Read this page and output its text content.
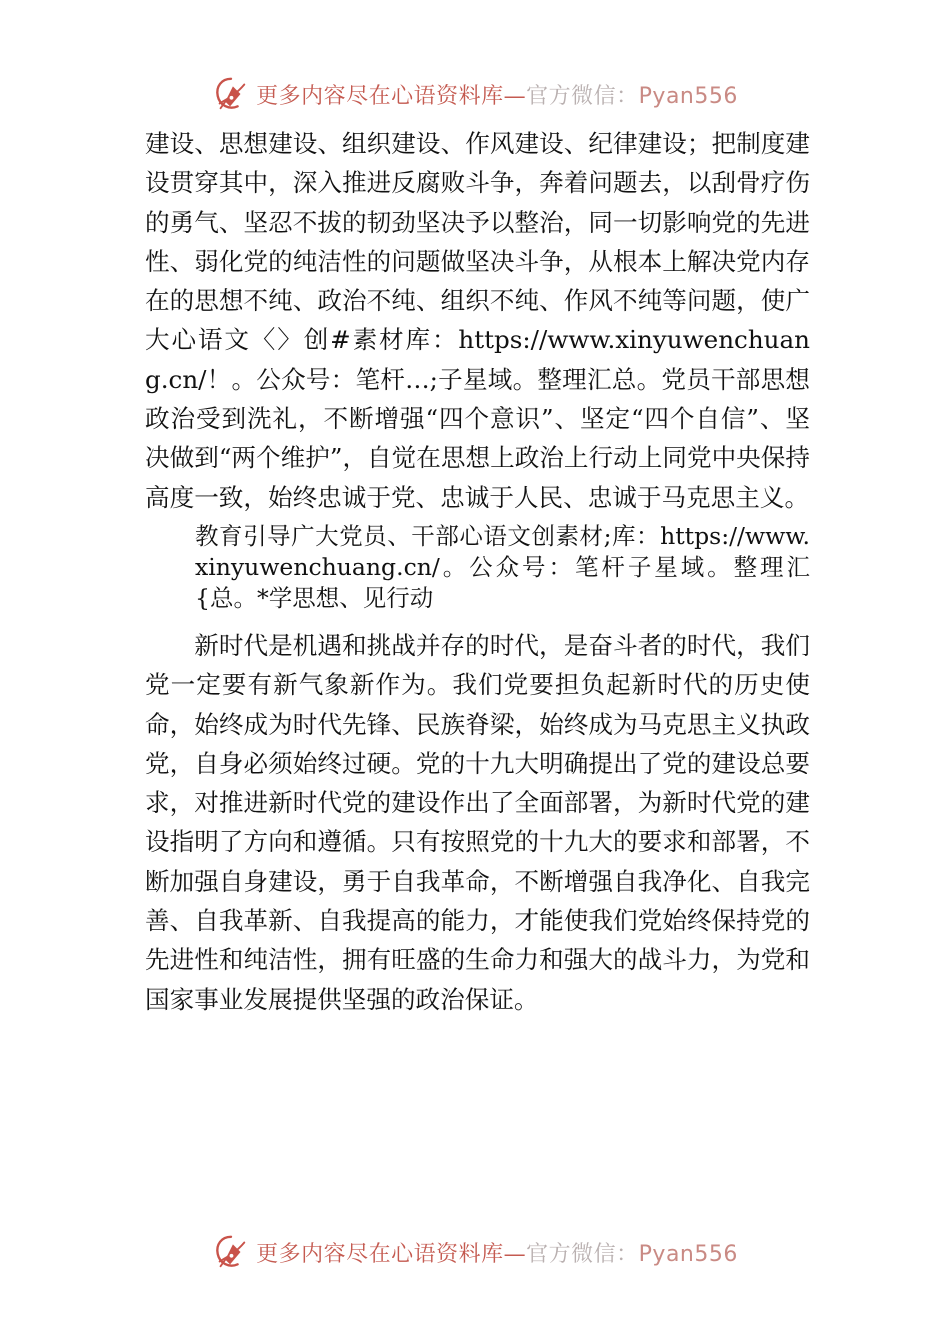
更多内容尽在心语资料库—官方微信：Pyan556

建设、思想建设、组织建设、作风建设、纪律建设；把制度建设贯穿其中，深入推进反腐败斗争，奔着问题去，以刮骨疗伤的勇气、坚忍不拔的韧劲坚决予以整治，同一切影响党的先进性、弱化党的纯洁性的问题做坚决斗争，从根本上解决党内存在的思想不纯、政治不纯、组织不纯、作风不纯等问题，使广大心语文〈〉创#素材库：https://www.xinyuwenchuang.cn/！。公众号：笔杆…;子星域。整理汇总。党员干部思想政治受到洗礼，不断增强“四个意识”、坚定“四个自信”、坚决做到“两个维护”，自觉在思想上政治上行动上同党中央保持高度一致，始终忠诚于党、忠诚于人民、忠诚于马克思主义。

教育引导广大党员、干部心语文创素材;库：https://www.xinyuwenchuang.cn/。公众号：笔杆子星域。整理汇{总。*学思想、见行动

新时代是机遇和挑战并存的时代，是奋斗者的时代，我们党一定要有新气象新作为。我们党要担负起新时代的历史使命，始终成为时代先锋、民族脊梁，始终成为马克思主义执政党，自身必须始终过硬。党的十九大明确提出了党的建设总要求，对推进新时代党的建设作出了全面部署，为新时代党的建设指明了方向和遵循。只有按照党的十九大的要求和部署，不断加强自身建设，勇于自我革命，不断增强自我净化、自我完善、自我革新、自我提高的能力，才能使我们党始终保持党的先进性和纯洁性，拥有旺盛的生命力和强大的战斗力，为党和国家事业发展提供坚强的政治保证。

更多内容尽在心语资料库—官方微信：Pyan556
